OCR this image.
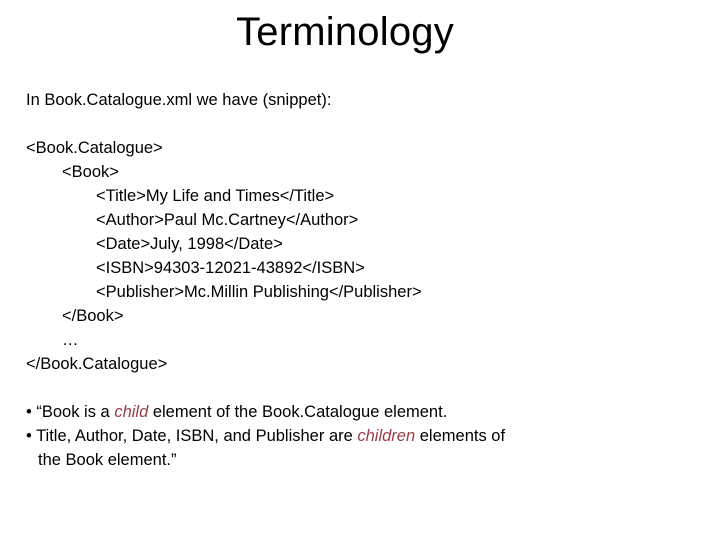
Terminology
In Book.Catalogue.xml we have (snippet):
<Book.Catalogue>
<Book>
<Title>My Life and Times</Title>
<Author>Paul Mc.Cartney</Author>
<Date>July, 1998</Date>
<ISBN>94303-12021-43892</ISBN>
<Publisher>Mc.Millin Publishing</Publisher>
</Book>
…
</Book.Catalogue>
• “Book is a child element of the Book.Catalogue element.
• Title, Author, Date, ISBN, and Publisher are children elements of
the Book element.”
